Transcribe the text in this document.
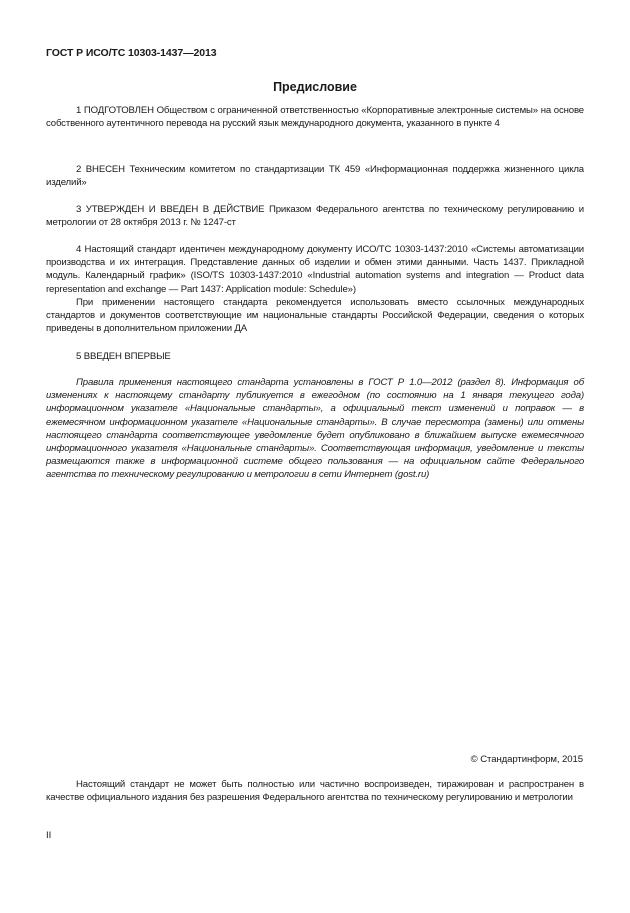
ГОСТ Р ИСО/ТС 10303-1437—2013
Предисловие

1 ПОДГОТОВЛЕН Обществом с ограниченной ответственностью «Корпоративные электронные системы» на основе собственного аутентичного перевода на русский язык международного документа, указанного в пункте 4

2 ВНЕСЕН Техническим комитетом по стандартизации ТК 459 «Информационная поддержка жизненного цикла изделий»

3 УТВЕРЖДЕН И ВВЕДЕН В ДЕЙСТВИЕ Приказом Федерального агентства по техническому регулированию и метрологии от 28 октября 2013 г. № 1247-ст

4 Настоящий стандарт идентичен международному документу ИСО/ТС 10303-1437:2010 «Системы автоматизации производства и их интеграция. Представление данных об изделии и обмен этими данными. Часть 1437. Прикладной модуль. Календарный график» (ISO/TS 10303-1437:2010 «Industrial automation systems and integration — Product data representation and exchange — Part 1437: Application module: Schedule»)

При применении настоящего стандарта рекомендуется использовать вместо ссылочных международных стандартов и документов соответствующие им национальные стандарты Российской Федерации, сведения о которых приведены в дополнительном приложении ДА

5 ВВЕДЕН ВПЕРВЫЕ

Правила применения настоящего стандарта установлены в ГОСТ Р 1.0—2012 (раздел 8). Информация об изменениях к настоящему стандарту публикуется в ежегодном (по состоянию на 1 января текущего года) информационном указателе «Национальные стандарты», а официальный текст изменений и поправок — в ежемесячном информационном указателе «Национальные стандарты». В случае пересмотра (замены) или отмены настоящего стандарта соответствующее уведомление будет опубликовано в ближайшем выпуске ежемесячного информационного указателя «Национальные стандарты». Соответствующая информация, уведомление и тексты размещаются также в информационной системе общего пользования — на официальном сайте Федерального агентства по техническому регулированию и метрологии в сети Интернет (gost.ru)

© Стандартинформ, 2015

Настоящий стандарт не может быть полностью или частично воспроизведен, тиражирован и распространен в качестве официального издания без разрешения Федерального агентства по техническому регулированию и метрологии

II
